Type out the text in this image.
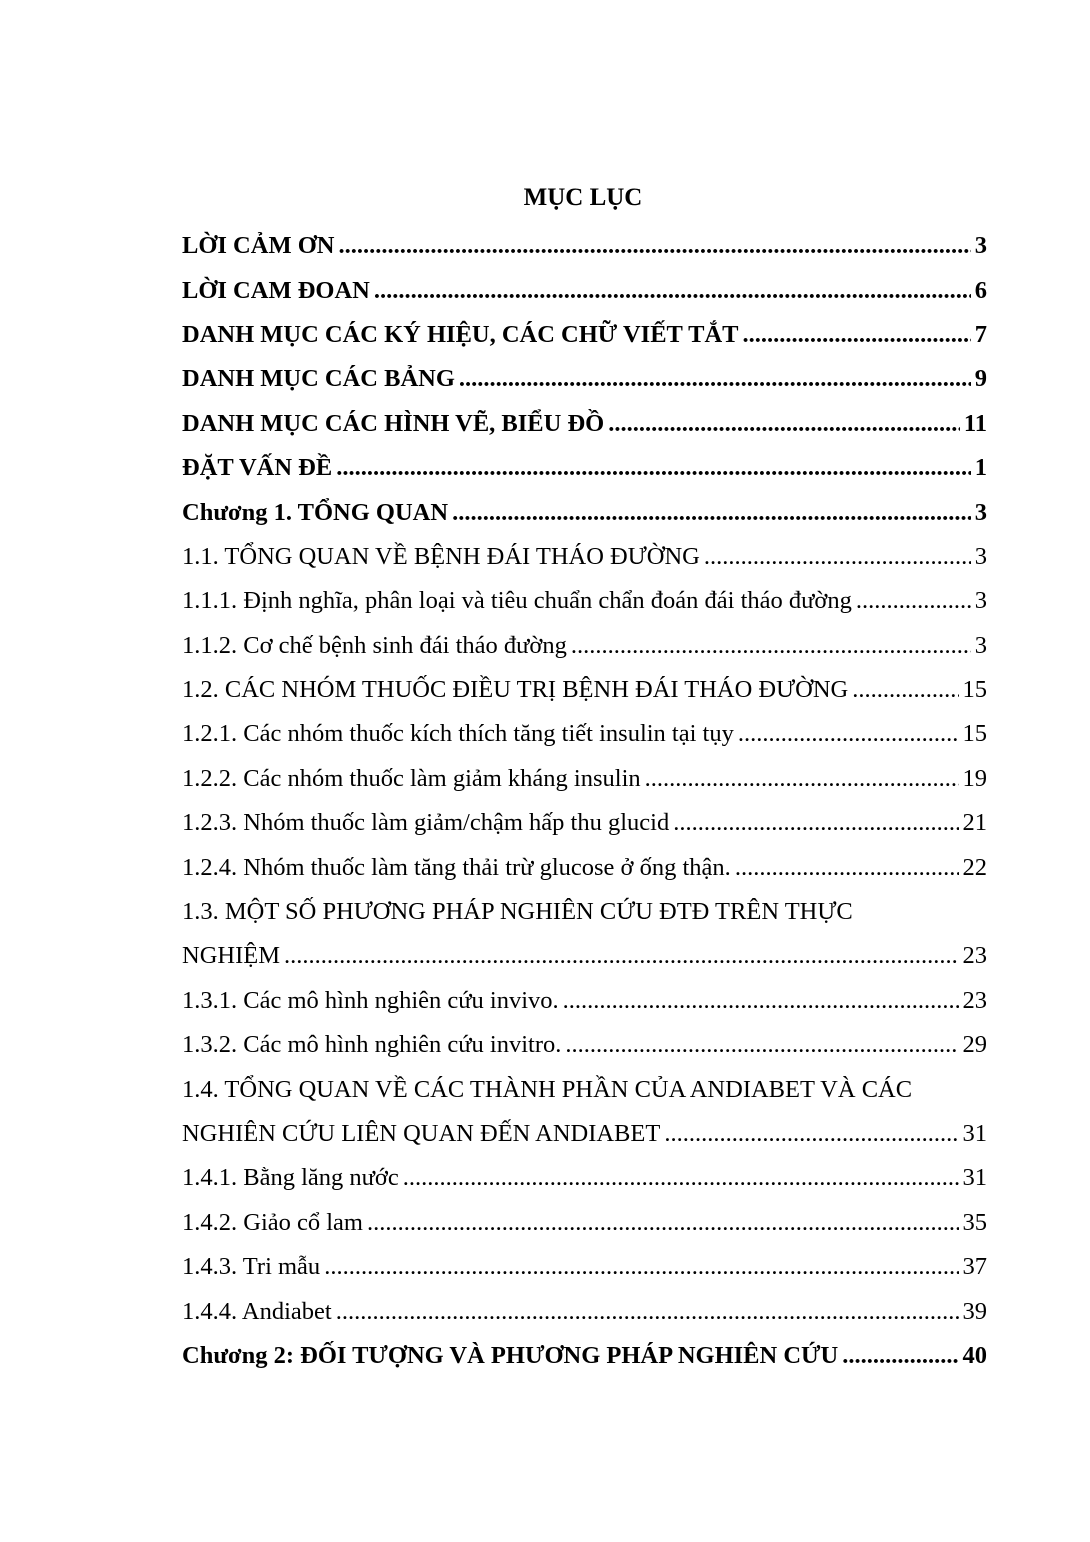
MỤC LỤC
LỜI CẢM ƠN .....	3
LỜI CAM ĐOAN .....	6
DANH MỤC CÁC KÝ HIỆU, CÁC CHỮ VIẾT TẮT .....	7
DANH MỤC CÁC BẢNG .....	9
DANH MỤC CÁC HÌNH VẼ, BIỂU ĐỒ .....	11
ĐẶT VẤN ĐỀ .....	1
Chương 1. TỔNG QUAN .....	3
1.1. TỔNG QUAN VỀ BỆNH ĐÁI THÁO ĐƯỜNG .....	3
1.1.1. Định nghĩa, phân loại và tiêu chuẩn chẩn đoán đái tháo đường .....	3
1.1.2. Cơ chế bệnh sinh đái tháo đường .....	3
1.2. CÁC NHÓM THUỐC ĐIỀU TRỊ BỆNH ĐÁI THÁO ĐƯỜNG .....	15
1.2.1. Các nhóm thuốc kích thích tăng tiết insulin tại tụy .....	15
1.2.2. Các nhóm thuốc làm giảm kháng insulin .....	19
1.2.3. Nhóm thuốc làm giảm/chậm hấp thu glucid .....	21
1.2.4. Nhóm thuốc làm tăng thải trừ glucose ở ống thận. .....	22
1.3. MỘT SỐ PHƯƠNG PHÁP NGHIÊN CỨU ĐTĐ TRÊN THỰC
NGHIỆM .....	23
1.3.1. Các mô hình nghiên cứu invivo. .....	23
1.3.2. Các mô hình nghiên cứu invitro. .....	29
1.4. TỔNG QUAN VỀ CÁC THÀNH PHẦN CỦA ANDIABET VÀ CÁC
NGHIÊN CỨU LIÊN QUAN ĐẾN ANDIABET .....	31
1.4.1. Bằng lăng nước .....	31
1.4.2. Giảo cổ lam .....	35
1.4.3. Tri mẫu .....	37
1.4.4. Andiabet .....	39
Chương 2: ĐỐI TƯỢNG VÀ PHƯƠNG PHÁP NGHIÊN CỨU .....	40
